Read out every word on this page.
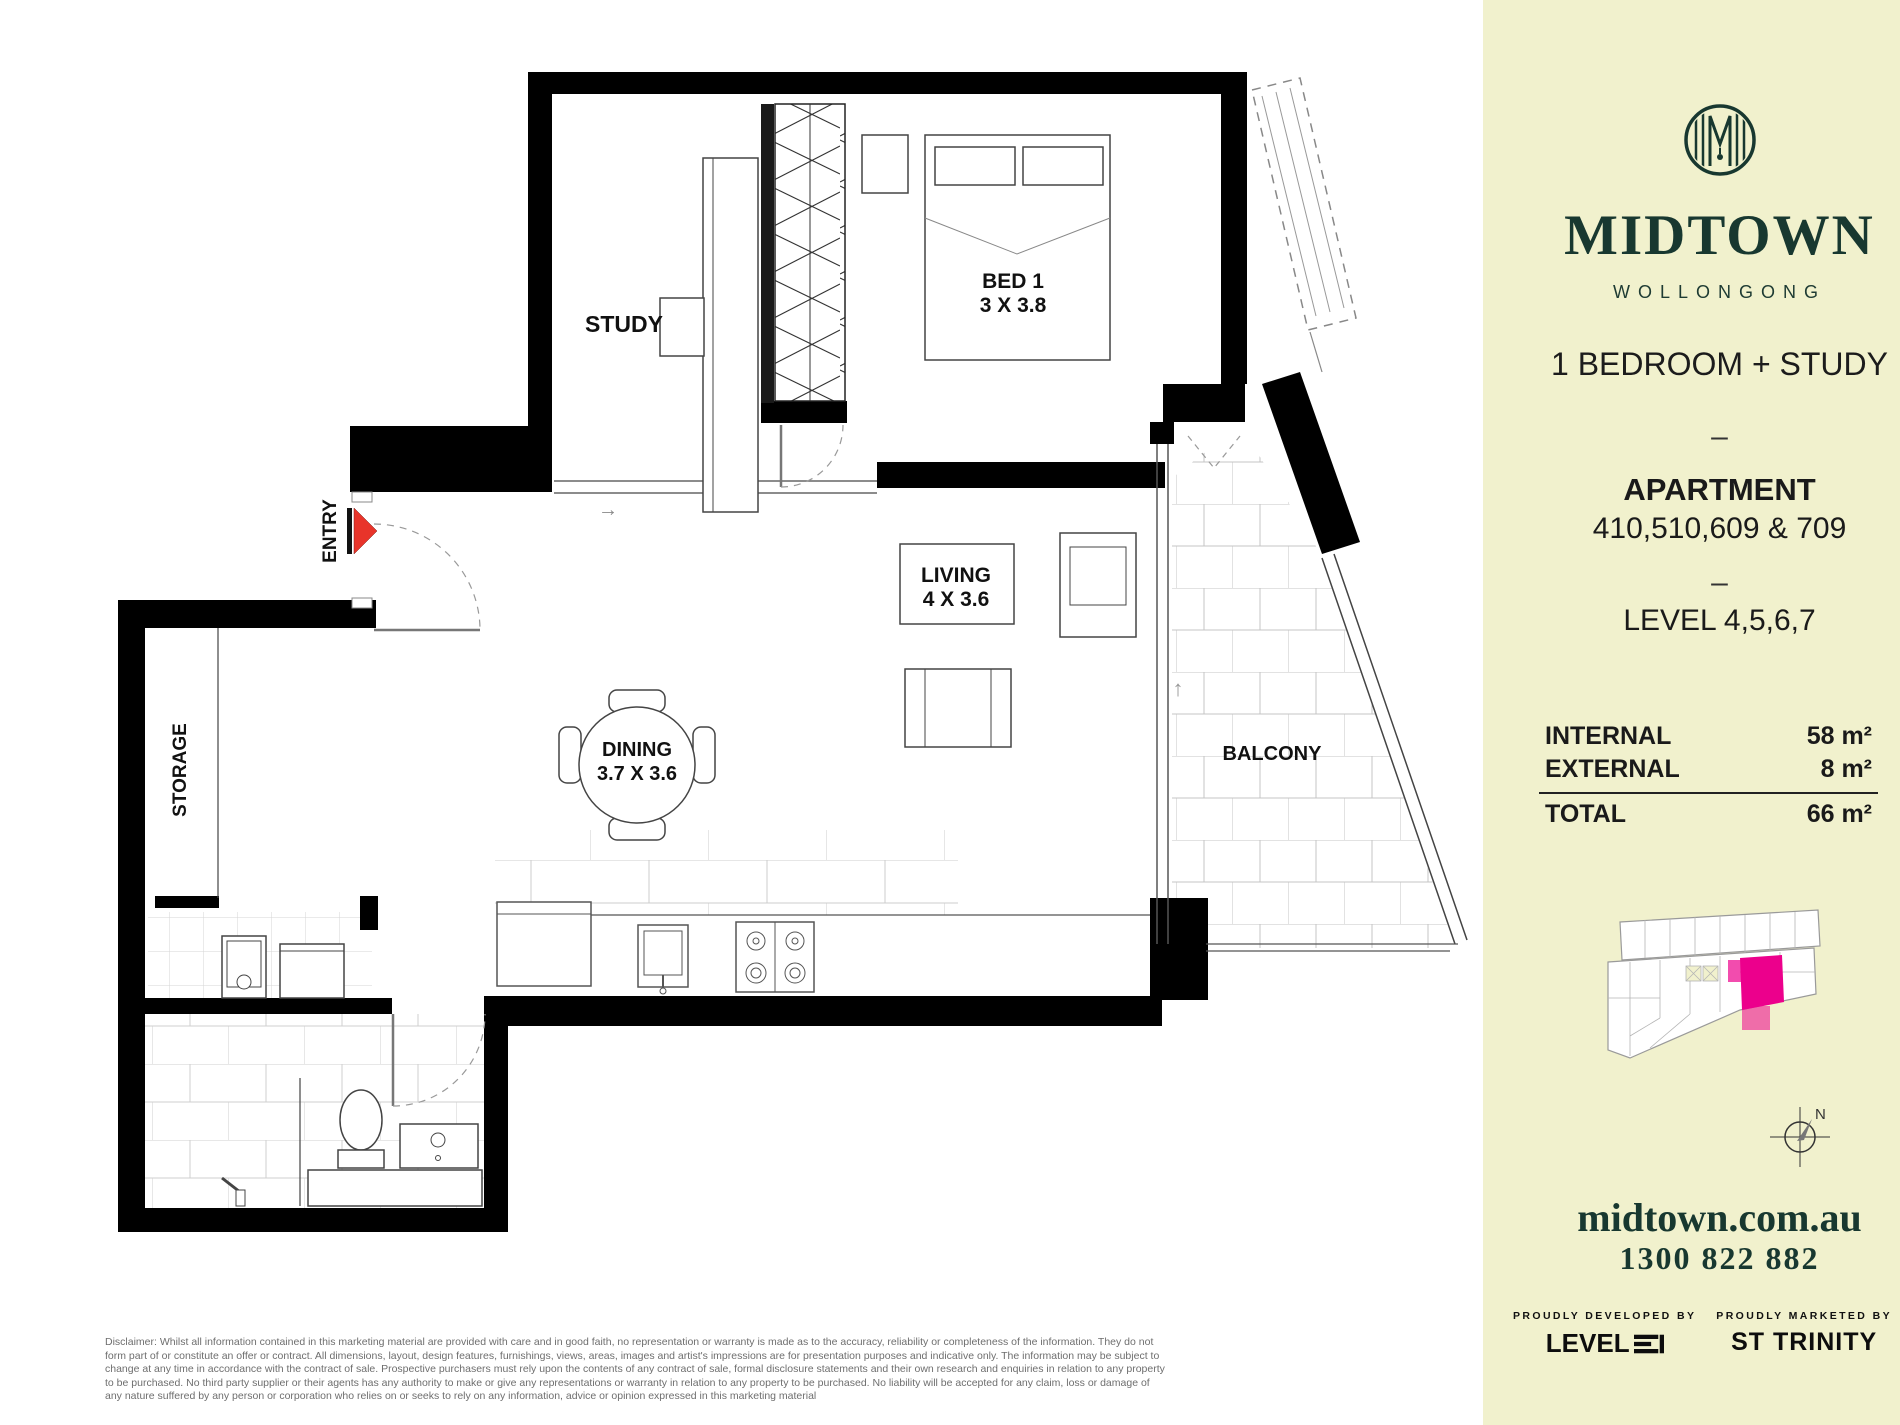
→
STUDY
BED 1
3 X 3.8
LIVING
4 X 3.6
DINING
3.7 X 3.6
BALCONY
STORAGE
ENTRY
↑
MIDTOWN
WOLLONGONG
1 BEDROOM + STUDY
–
APARTMENT
410,510,609 & 709
–
LEVEL 4,5,6,7
INTERNAL	58 m²
EXTERNAL	8 m²
TOTAL	66 m²
N
midtown.com.au
1300 822 882
PROUDLY DEVELOPED BY
LEVEL
PROUDLY MARKETED BY
ST TRINITY
Disclaimer: Whilst all information contained in this marketing material are provided with care and in good faith, no representation or warranty is made as to the accuracy, reliability or completeness of the information. They do not form part of or constitute an offer or contract. All dimensions, layout, design features, furnishings, views, areas, images and artist's impressions are for presentation purposes and indicative only. The information may be subject to change at any time in accordance with the contract of sale. Prospective purchasers must rely upon the contents of any contract of sale, formal disclosure statements and their own research and enquiries in relation to any property to be purchased. No third party supplier or their agents has any authority to make or give any representations or warranty in relation to any property to be purchased. No liability will be accepted for any claim, loss or damage of any nature suffered by any person or corporation who relies on or seeks to rely on any information, advice or opinion expressed in this marketing material
